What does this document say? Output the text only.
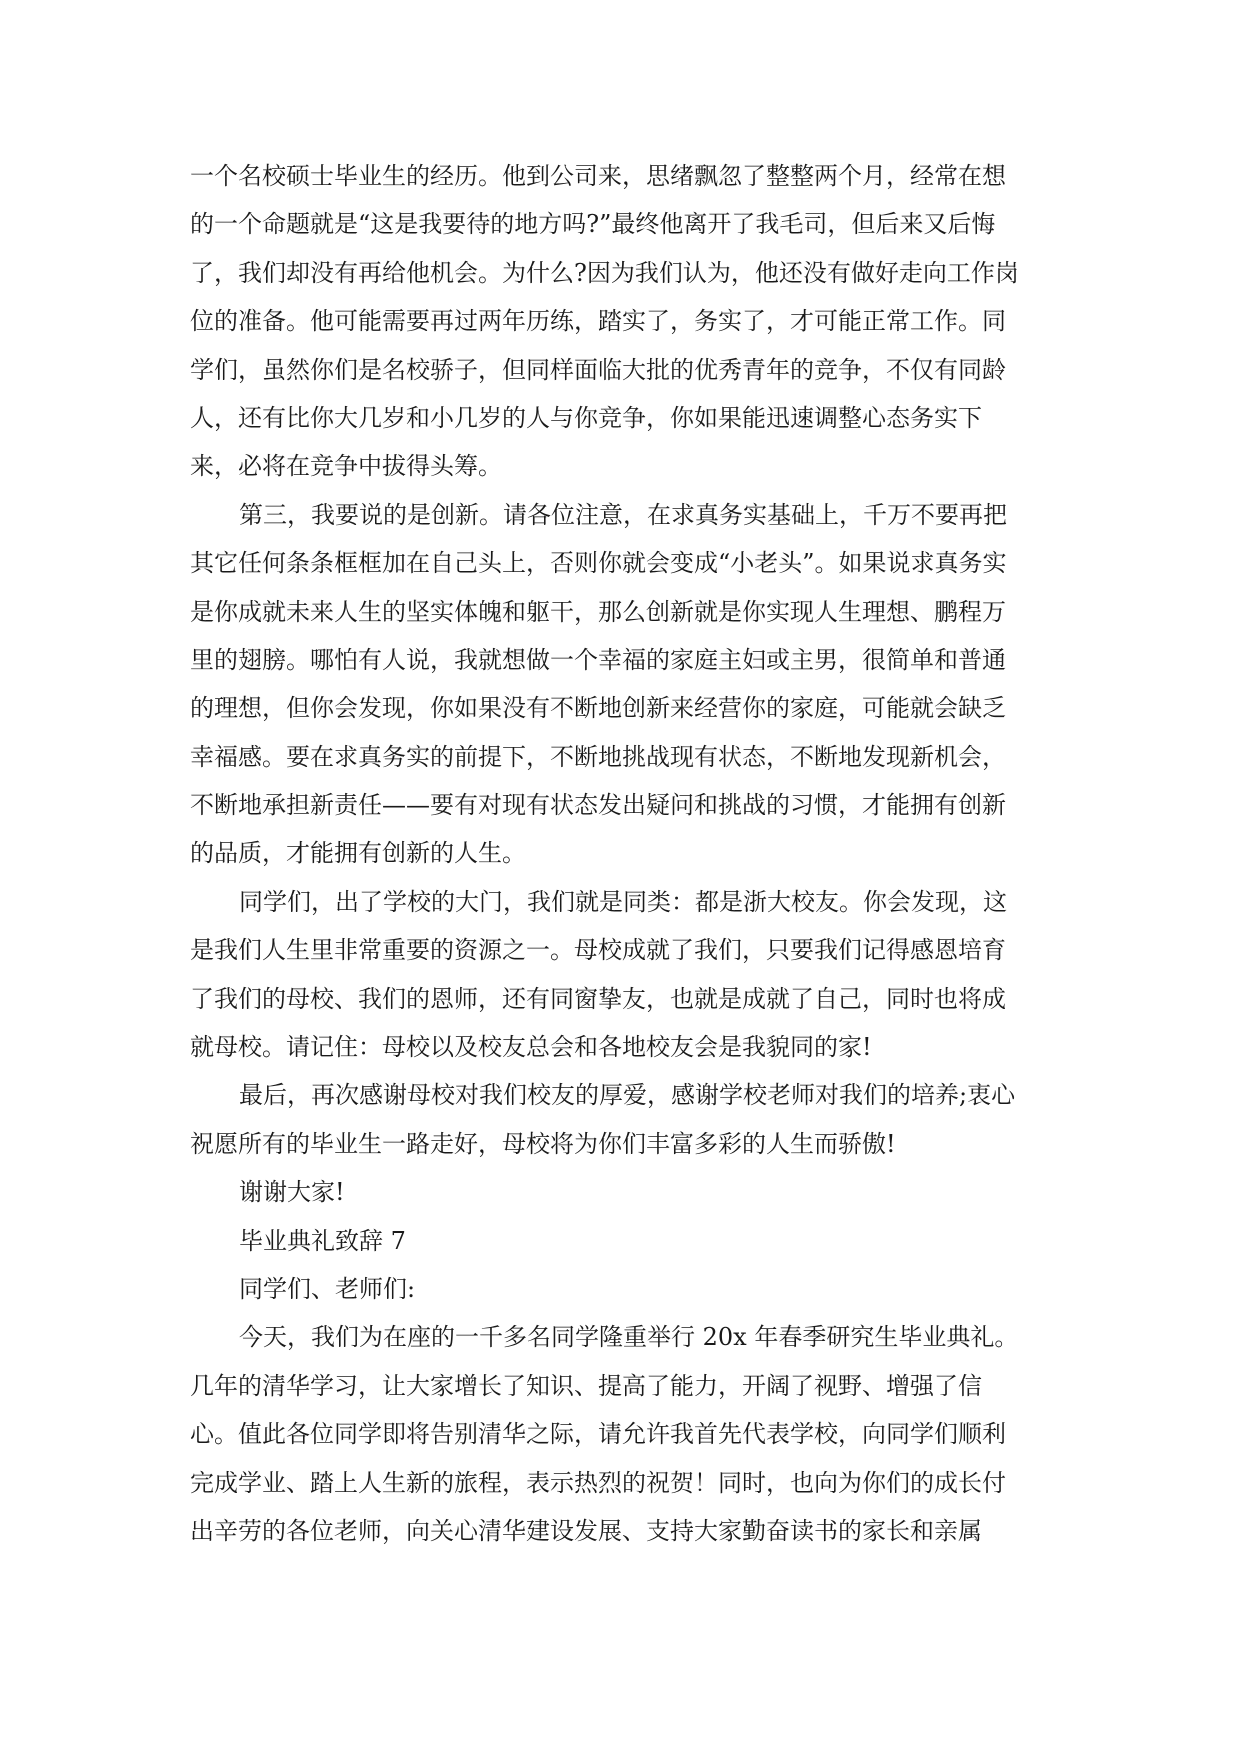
一个名校硕士毕业生的经历。他到公司来，思绪飘忽了整整两个月，经常在想
的一个命题就是“这是我要待的地方吗?”最终他离开了我毛司，但后来又后悔
了，我们却没有再给他机会。为什么?因为我们认为，他还没有做好走向工作岗
位的准备。他可能需要再过两年历练，踏实了，务实了，才可能正常工作。同
学们，虽然你们是名校骄子，但同样面临大批的优秀青年的竞争，不仅有同龄
人，还有比你大几岁和小几岁的人与你竞争，你如果能迅速调整心态务实下
来，必将在竞争中拔得头筹。
第三，我要说的是创新。请各位注意，在求真务实基础上，千万不要再把
其它任何条条框框加在自己头上，否则你就会变成“小老头”。如果说求真务实
是你成就未来人生的坚实体魄和躯干，那么创新就是你实现人生理想、鹏程万
里的翅膀。哪怕有人说，我就想做一个幸福的家庭主妇或主男，很简单和普通
的理想，但你会发现，你如果没有不断地创新来经营你的家庭，可能就会缺乏
幸福感。要在求真务实的前提下，不断地挑战现有状态，不断地发现新机会，
不断地承担新责任——要有对现有状态发出疑问和挑战的习惯，才能拥有创新
的品质，才能拥有创新的人生。
同学们，出了学校的大门，我们就是同类：都是浙大校友。你会发现，这
是我们人生里非常重要的资源之一。母校成就了我们，只要我们记得感恩培育
了我们的母校、我们的恩师，还有同窗挚友，也就是成就了自己，同时也将成
就母校。请记住：母校以及校友总会和各地校友会是我貌同的家!
最后，再次感谢母校对我们校友的厚爱，感谢学校老师对我们的培养;衷心
祝愿所有的毕业生一路走好，母校将为你们丰富多彩的人生而骄傲!
谢谢大家!
毕业典礼致辞 7
同学们、老师们:
今天，我们为在座的一千多名同学隆重举行 20x 年春季研究生毕业典礼。
几年的清华学习，让大家增长了知识、提高了能力，开阔了视野、增强了信
心。值此各位同学即将告别清华之际，请允许我首先代表学校，向同学们顺利
完成学业、踏上人生新的旅程，表示热烈的祝贺！同时，也向为你们的成长付
出辛劳的各位老师，向关心清华建设发展、支持大家勤奋读书的家长和亲属
